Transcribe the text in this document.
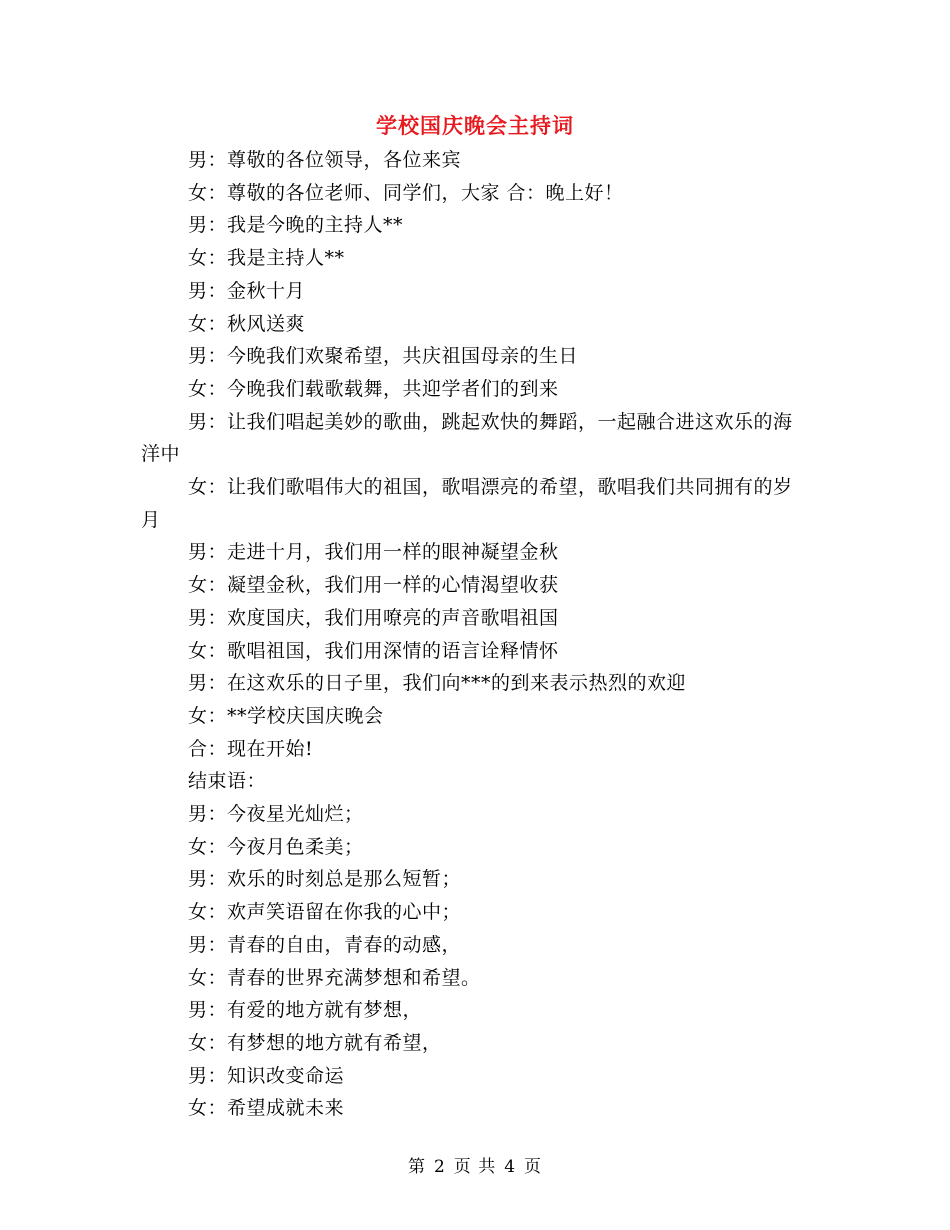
学校国庆晚会主持词

男：尊敬的各位领导，各位来宾

女：尊敬的各位老师、同学们，大家 合：晚上好！

男：我是今晚的主持人**

女：我是主持人**

男：金秋十月

女：秋风送爽

男：今晚我们欢聚希望，共庆祖国母亲的生日

女：今晚我们载歌载舞，共迎学者们的到来

男：让我们唱起美妙的歌曲，跳起欢快的舞蹈，一起融合进这欢乐的海洋中

女：让我们歌唱伟大的祖国，歌唱漂亮的希望，歌唱我们共同拥有的岁月

男：走进十月，我们用一样的眼神凝望金秋

女：凝望金秋，我们用一样的心情渴望收获

男：欢度国庆，我们用嘹亮的声音歌唱祖国

女：歌唱祖国，我们用深情的语言诠释情怀

男：在这欢乐的日子里，我们向***的到来表示热烈的欢迎

女：**学校庆国庆晚会

合：现在开始!

结束语：

男：今夜星光灿烂；

女：今夜月色柔美；

男：欢乐的时刻总是那么短暂；

女：欢声笑语留在你我的心中；

男：青春的自由，青春的动感，

女：青春的世界充满梦想和希望。

男：有爱的地方就有梦想，

女：有梦想的地方就有希望，

男：知识改变命运

女：希望成就未来

第 2 页 共 4 页
